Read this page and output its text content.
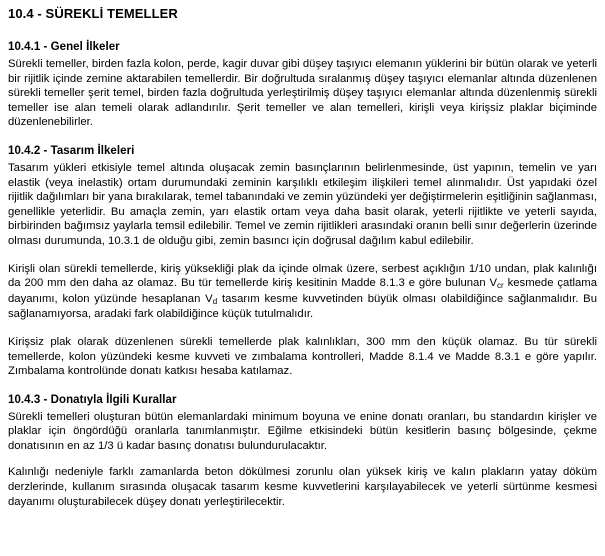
10.4 - SÜREKLİ TEMELLER
10.4.1 - Genel İlkeler

Sürekli temeller, birden fazla kolon, perde, kagir duvar gibi düşey taşıyıcı elemanın yüklerini bir bütün olarak ve yeterli bir rijitlik içinde zemine aktarabilen temellerdir. Bir doğrultuda sıralanmış düşey taşıyıcı elemanlar altında düzenlenen sürekli temeller şerit temel, birden fazla doğrultuda yerleştirilmiş düşey taşıyıcı elemanlar altında düzenlenmiş sürekli temeller ise alan temeli olarak adlandırılır. Şerit temeller ve alan temelleri, kirişli veya kirişsiz plaklar biçiminde düzenlenebilirler.

10.4.2 - Tasarım İlkeleri

Tasarım yükleri etkisiyle temel altında oluşacak zemin basınçlarının belirlenmesinde, üst yapının, temelin ve yarı elastik (veya inelastik) ortam durumundaki zeminin karşılıklı etkileşim ilişkileri temel alınmalıdır. Üst yapıdaki özel rijitlik dağılımları bir yana bırakılarak, temel tabanındaki ve zemin yüzündeki yer değiştirmelerin eşitliğinin sağlanması, genellikle yeterlidir. Bu amaçla zemin, yarı elastik ortam veya daha basit olarak, yeterli rijitlikte ve yeterli sayıda, birbirinden bağımsız yaylarla temsil edilebilir. Temel ve zemin rijitlikleri arasındaki oranın belli sınır değerlerin üzerinde olması durumunda, 10.3.1 de olduğu gibi, zemin basıncı için doğrusal dağılım kabul edilebilir.

Kirişli olan sürekli temellerde, kiriş yüksekliği plak da içinde olmak üzere, serbest açıklığın 1/10 undan, plak kalınlığı da 200 mm den daha az olamaz. Bu tür temellerde kiriş kesitinin Madde 8.1.3 e göre bulunan $V_{cr}$ kesmede çatlama dayanımı, kolon yüzünde hesaplanan $V_d$ tasarım kesme kuvvetinden büyük olması olabildiğince sağlanmalıdır. Bu sağlanamıyorsa, aradaki fark olabildiğince küçük tutulmalıdır.

Kirişsiz plak olarak düzenlenen sürekli temellerde plak kalınlıkları, 300 mm den küçük olamaz. Bu tür sürekli temellerde, kolon yüzündeki kesme kuvveti ve zımbalama kontrolleri, Madde 8.1.4 ve Madde 8.3.1 e göre yapılır. Zımbalama kontrolünde donatı katkısı hesaba katılamaz.

10.4.3 - Donatıyla İlgili Kurallar

Sürekli temelleri oluşturan bütün elemanlardaki minimum boyuna ve enine donatı oranları, bu standardın kirişler ve plaklar için öngördüğü oranlarla tanımlanmıştır. Eğilme etkisindeki bütün kesitlerin basınç bölgesinde, çekme donatısının en az 1/3 ü kadar basınç donatısı bulundurulacaktır.

Kalınlığı nedeniyle farklı zamanlarda beton dökülmesi zorunlu olan yüksek kiriş ve kalın plakların yatay döküm derzlerinde, kullanım sırasında oluşacak tasarım kesme kuvvetlerini karşılayabilecek ve yeterli sürtünme kesmesi dayanımı oluşturabilecek düşey donatı yerleştirilecektir.
